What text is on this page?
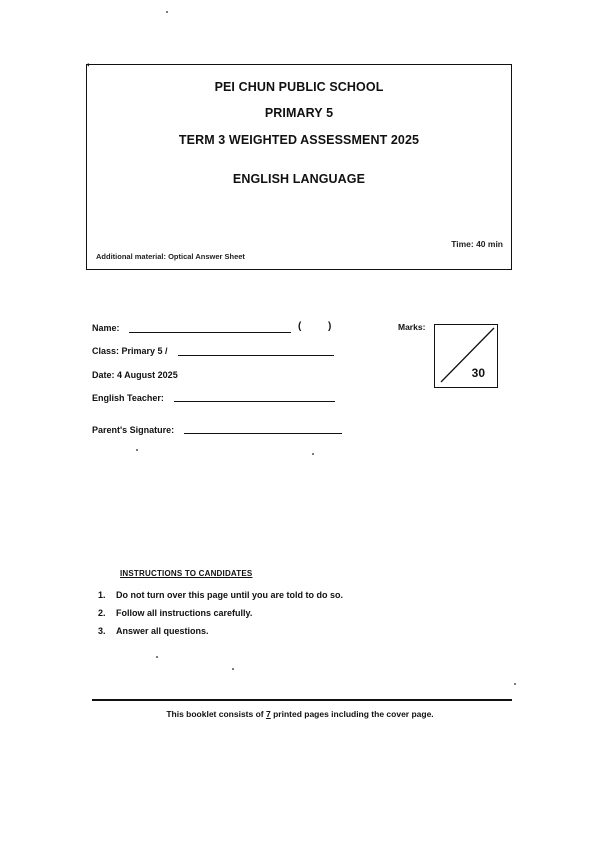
'
PEI CHUN PUBLIC SCHOOL
PRIMARY 5
TERM 3 WEIGHTED ASSESSMENT 2025
ENGLISH LANGUAGE
Time: 40 min
Additional material: Optical Answer Sheet
Name:	(	)
Class: Primary 5 /
Date: 4 August 2025
English Teacher:
Parent's Signature:
Marks:
30
INSTRUCTIONS TO CANDIDATES
1. Do not turn over this page until you are told to do so.
2. Follow all instructions carefully.
3. Answer all questions.
This booklet consists of 7 printed pages including the cover page.
